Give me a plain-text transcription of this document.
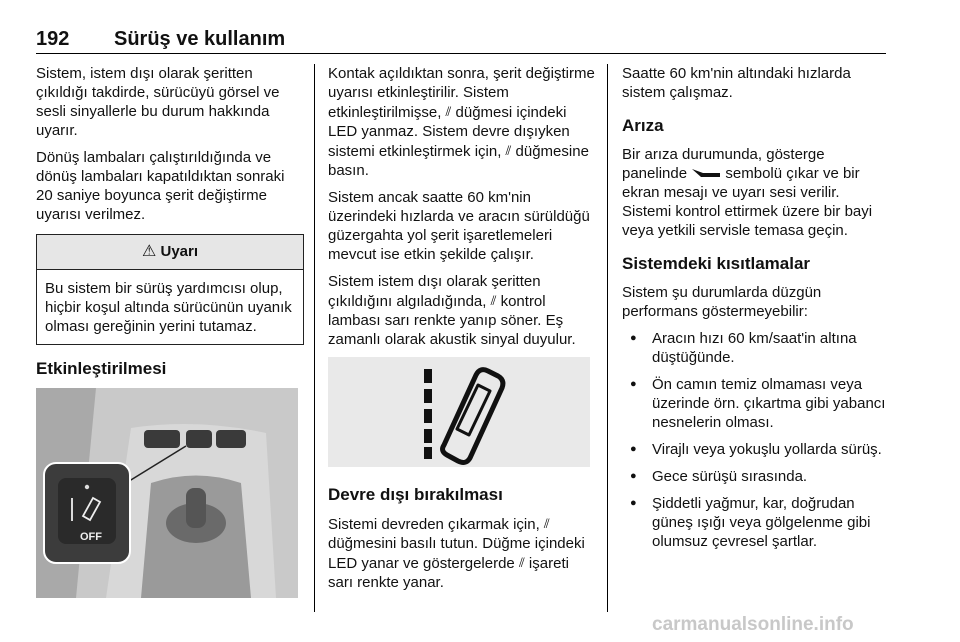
192 Sürüş ve kullanım

Sistem, istem dışı olarak şeritten çıkıldığı takdirde, sürücüyü görsel ve sesli sinyallerle bu durum hakkında uyarır.

Dönüş lambaları çalıştırıldığında ve dönüş lambaları kapatıldıktan sonraki 20 saniye boyunca şerit değiştirme uyarısı verilmez.

⚠ Uyarı
Bu sistem bir sürüş yardımcısı olup, hiçbir koşul altında sürücünün uyanık olması gereğinin yerini tutamaz.
Etkinleştirilmesi
OFF

Kontak açıldıktan sonra, şerit değiştirme uyarısı etkinleştirilir. Sistem etkinleştirilmişse, ⫽ düğmesi içindeki LED yanmaz. Sistem devre dışıyken sistemi etkinleştirmek için, ⫽ düğmesine basın.

Sistem ancak saatte 60 km'nin üzerindeki hızlarda ve aracın sürüldüğü güzergahta yol şerit işaretlemeleri mevcut ise etkin şekilde çalışır.

Sistem istem dışı olarak şeritten çıkıldığını algıladığında, ⫽ kontrol lambası sarı renkte yanıp söner. Eş zamanlı olarak akustik sinyal duyulur.

Devre dışı bırakılması

Sistemi devreden çıkarmak için, ⫽ düğmesini basılı tutun. Düğme içindeki LED yanar ve göstergelerde ⫽ işareti sarı renkte yanar.

Saatte 60 km'nin altındaki hızlarda sistem çalışmaz.

Arıza

Bir arıza durumunda, gösterge panelinde  sembolü çıkar ve bir ekran mesajı ve uyarı sesi verilir. Sistemi kontrol ettirmek üzere bir bayi veya yetkili servisle temasa geçin.

Sistemdeki kısıtlamalar

Sistem şu durumlarda düzgün performans göstermeyebilir:

● Aracın hızı 60 km/saat'in altına düştüğünde.
● Ön camın temiz olmaması veya üzerinde örn. çıkartma gibi yabancı nesnelerin olması.
● Virajlı veya yokuşlu yollarda sürüş.
● Gece sürüşü sırasında.
● Şiddetli yağmur, kar, doğrudan güneş ışığı veya gölgelenme gibi olumsuz çevresel şartlar.
carmanualsonline.info
